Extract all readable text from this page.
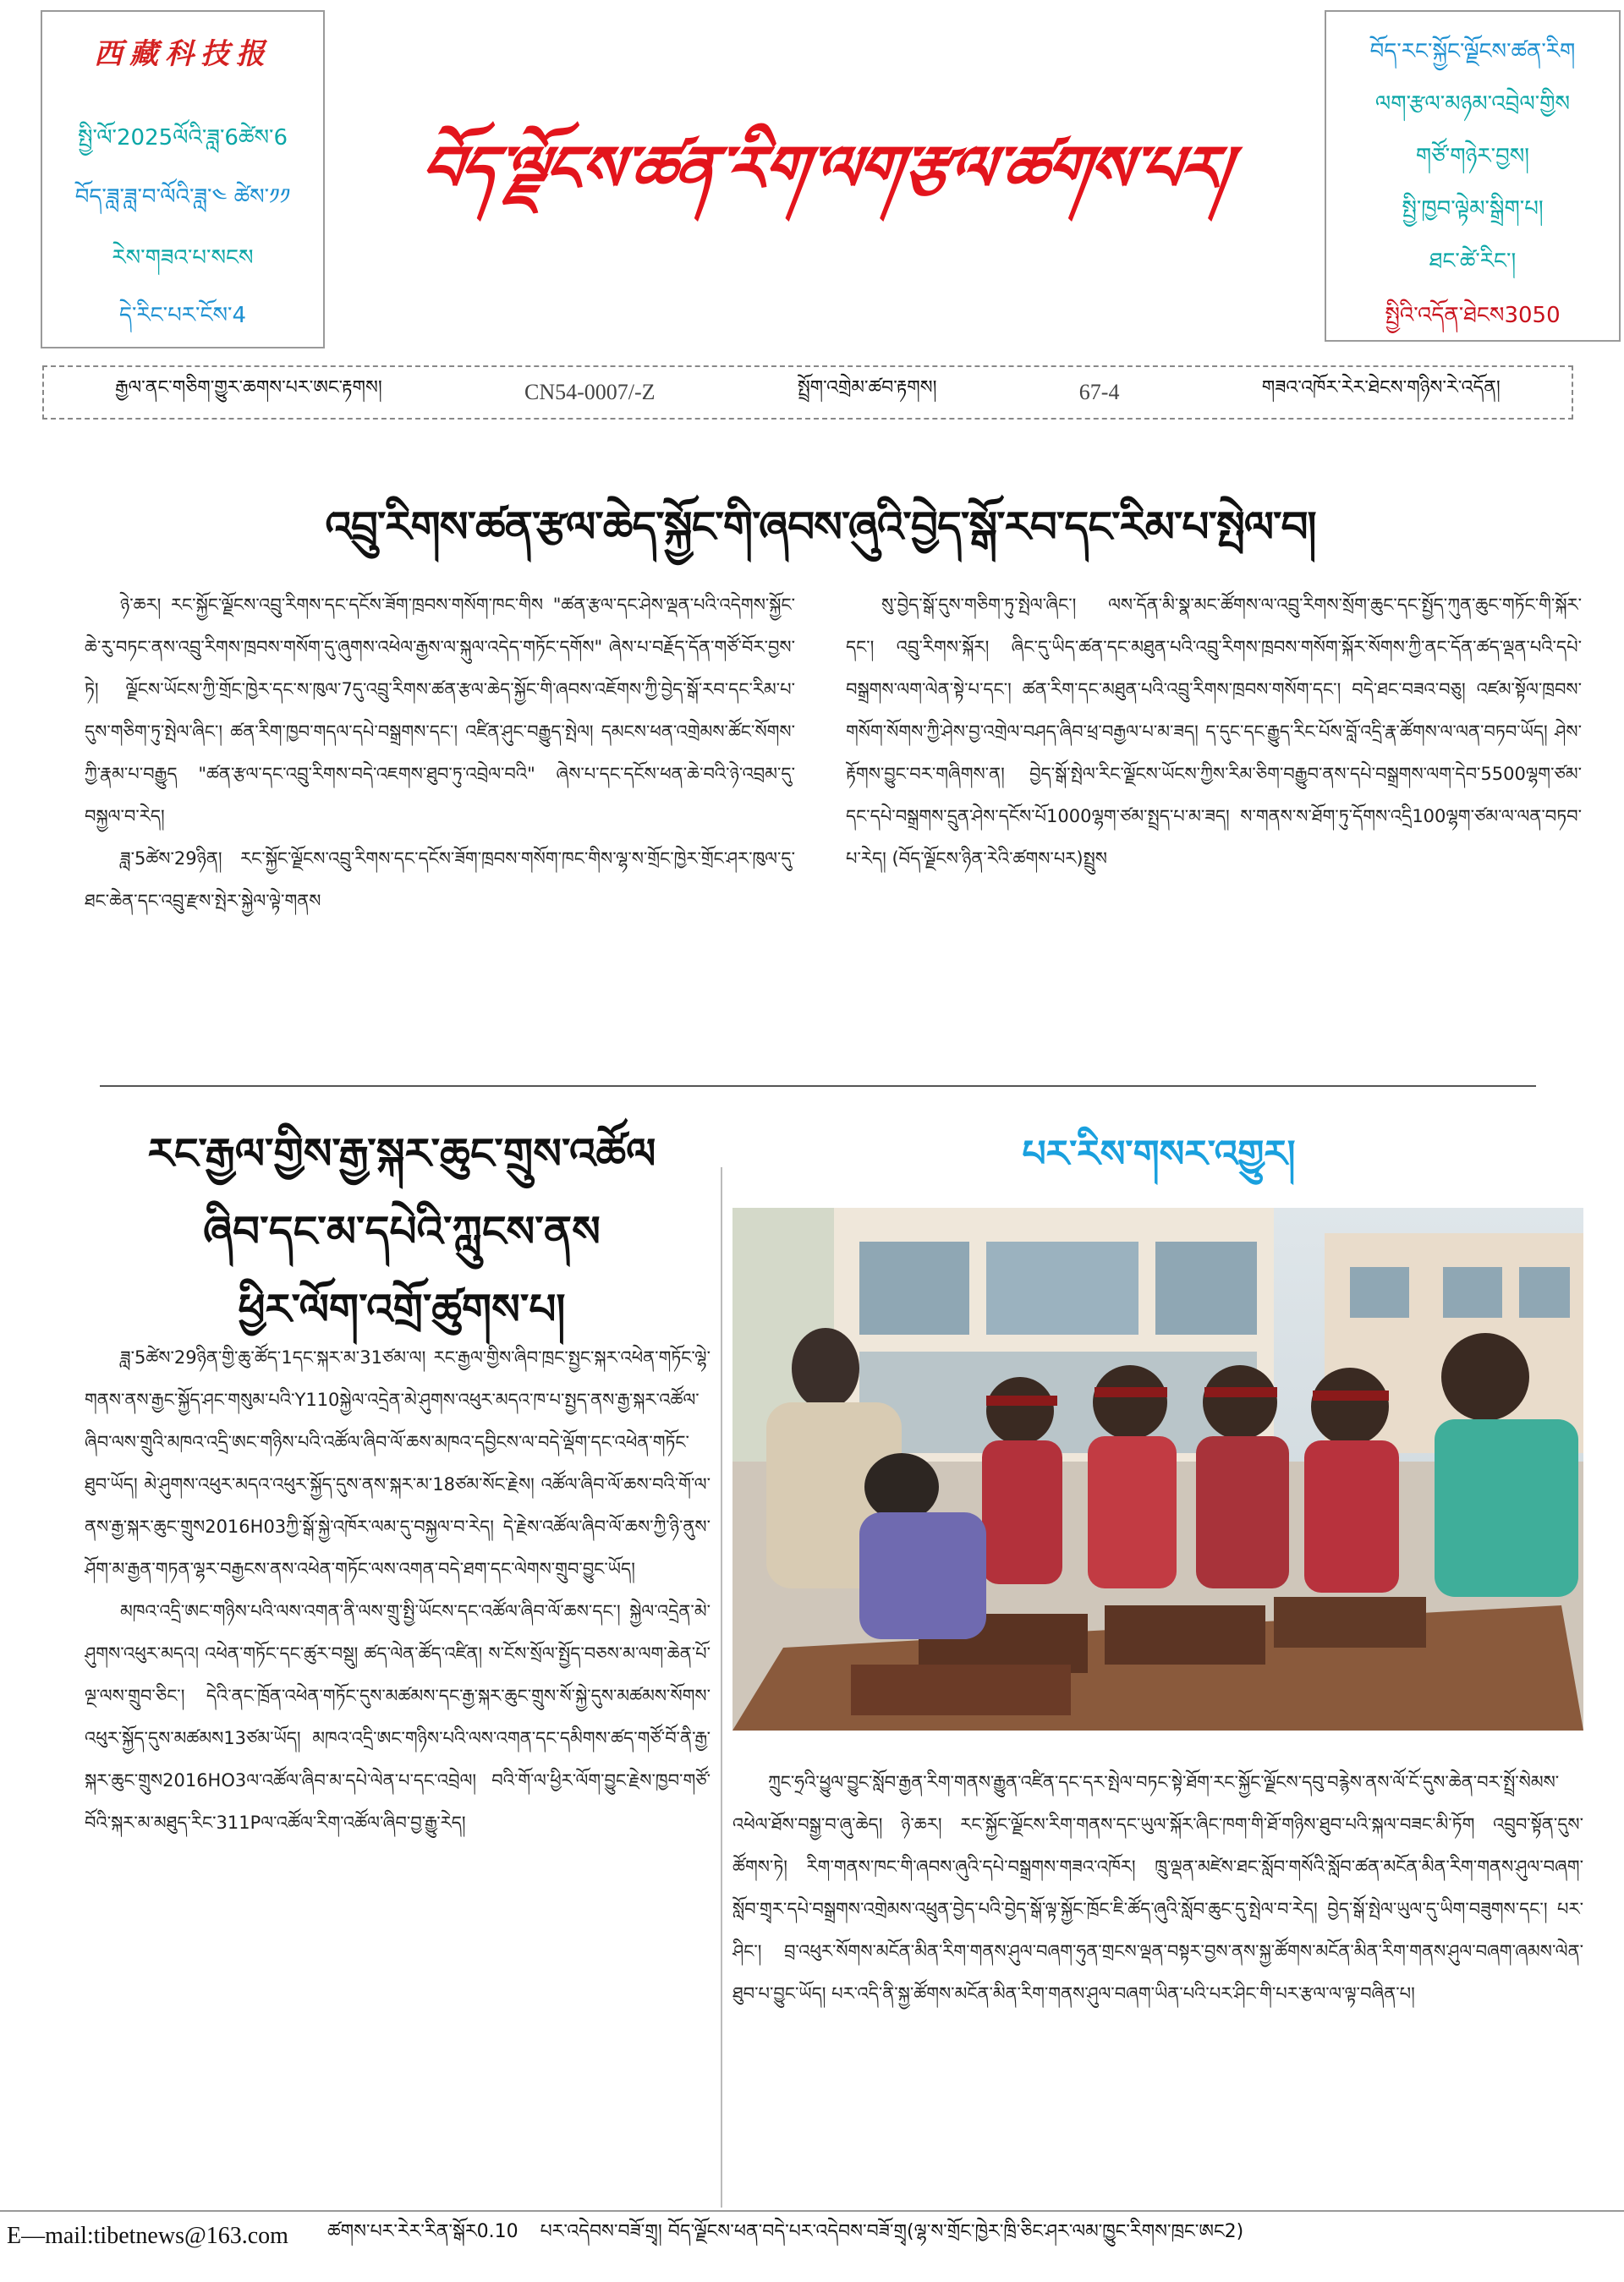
西藏科技报
སྤྱི་ལོ་2025ལོའི་ཟླ་6ཚེས་6
བོད་ཟླ་ཟླ་བ་ལོའི་ཟླ་༤ ཚེས་༡༡
རེས་གཟའ་པ་སངས
དེ་རིང་པར་ངོས་4
བོད་ལྗོངས་ཚན་རིག་ལག་རྩལ་ཚགས་པར།
བོད་རང་སྐྱོང་ལྗོངས་ཚན་རིག
ལག་རྩལ་མཉམ་འབྲེལ་གྱིས
གཙོ་གཉེར་བྱས།
སྤྱི་ཁྱབ་ལྟེམ་སྒྲིག་པ།
ཐང་ཚེ་རིང་།
སྤྱིའི་འདོན་ཐེངས3050
རྒྱལ་ནང་གཅིག་གྱུར་ཆགས་པར་ཨང་རྟགས།	CN54-0007/-Z	སྤྲོག་འགྲེམ་ཚབ་རྟགས།	67-4	གཟའ་འཁོར་རེར་ཐེངས་གཉིས་རེ་འདོན།
འབྲུ་རིགས་ཚན་རྩལ་ཆེད་སྐྱོང་གི་ཞབས་ཞུའི་བྱེད་སྒོ་རབ་དང་རིམ་པ་སྤེལ་བ།

ཉེ་ཆར། རང་སྐྱོང་ལྗོངས་འབྲུ་རིགས་དང་དངོས་ཟོག་ཁྲབས་གསོག་ཁང་གིས "ཚན་རྩལ་དང་ཤེས་ལྡན་པའི་འདེགས་སྐྱོང་ཆེ་རུ་བཏང་ནས་འབྲུ་རིགས་ཁྲབས་གསོག་དུ་ཞུགས་འཕེལ་རྒྱས་ལ་སྐུལ་འདེད་གཏོང་དགོས" ཞེས་པ་བརྗོད་དོན་གཙོ་བོར་བྱས་ཏེ། ལྗོངས་ཡོངས་ཀྱི་གྲོང་ཁྱེར་དང་ས་ཁུལ་7དུ་འབྲུ་རིགས་ཚན་རྩལ་ཆེད་སྐྱོང་གི་ཞབས་འཇོགས་ཀྱི་བྱེད་སྒོ་རབ་དང་རིམ་པ་དུས་གཅིག་ཏུ་སྤེལ་ཞིང་། ཚན་རིག་ཁྱབ་གདལ་དཔེ་བསྒྲགས་དང་། འཛིན་ཤུང་བརྒྱུད་སྤེལ། དམངས་ཕན་འགྲེམས་ཚོང་སོགས་ཀྱི་རྣམ་པ་བརྒྱུད "ཚན་རྩལ་དང་འབྲུ་རིགས་བདེ་འཇགས་ཐུབ་ཏུ་འབྲེལ་བའི" ཞེས་པ་དང་དངོས་ཕན་ཆེ་བའི་ཉེ་འབྲམ་དུ་བསྐྱལ་བ་རེད།

ཟླ་5ཚེས་29ཉིན། རང་སྐྱོང་ལྗོངས་འབྲུ་རིགས་དང་དངོས་ཟོག་ཁྲབས་གསོག་ཁང་གིས་ལྷ་ས་གྲོང་ཁྱེར་གྲོང་ཤར་ཁུལ་དུ་ཐང་ཆེན་དང་འབྲུ་རྫས་སྤེར་སྐྱེལ་ལྟེ་གནས

སུ་བྱེད་སྒོ་དུས་གཅིག་ཏུ་སྤེལ་ཞིང་། ལས་དོན་མི་སྣ་མང་ཚོགས་ལ་འབྲུ་རིགས་སྲོག་ཆུང་དང་སྤྱོད་ཀུན་ཆུང་གཏོང་གི་སྐོར་དང་། འབྲུ་རིགས་སྐོར། ཞིང་དུ་ཡིད་ཚན་དང་མཐུན་པའི་འབྲུ་རིགས་ཁྲབས་གསོག་སྐོར་སོགས་ཀྱི་ནང་དོན་ཚད་ལྡན་པའི་དཔེ་བསྒྲགས་ལག་ལེན་སྟེ་པ་དང་། ཚན་རིག་དང་མཐུན་པའི་འབྲུ་རིགས་ཁྲབས་གསོག་དང་། བདེ་ཐང་བཟའ་བཅུ། འཛམ་སྟོལ་ཁྲབས་གསོག་སོགས་ཀྱི་ཤེས་བྱ་འགྲེལ་བཤད་ཞིབ་ཕྲ་བརྒྱལ་པ་མ་ཟད། ད་དུང་དང་རྒྱུད་རིང་པོས་བློ་འདྲི་རྣ་ཚོགས་ལ་ལན་བཏབ་ཡོད། ཤེས་རྟོགས་བྱུང་བར་གཞིགས་ན། བྱེད་སྒོ་སྤེལ་རིང་ལྗོངས་ཡོངས་ཀྱིས་རིམ་ཅིག་བརྒྱུབ་ནས་དཔེ་བསྒྲགས་ལག་དེབ་5500ལྷག་ཙམ་དང་དཔེ་བསྒྲགས་དྲུན་ཤེས་དངོས་པོ1000ལྷག་ཙམ་སྤྲད་པ་མ་ཟད། ས་གནས་ས་ཐོག་ཏུ་དོགས་འདྲི100ལྷག་ཙམ་ལ་ལན་བཏབ་པ་རེད། (བོད་ལྗོངས་ཉིན་རེའི་ཚགས་པར)སྤྲུས

རང་རྒྱལ་གྱིས་རྒྱ་སྐར་ཆུང་གྲུས་འཚོལ
ཞིབ་དང་མ་དཔེའི་ཀླུངས་ནས
ཕྱིར་ལོག་འགྲོ་ཚུགས་པ།

ཟླ་5ཚེས་29ཉིན་གྱི་ཆུ་ཚོད་1དང་སྐར་མ་31ཙམ་ལ། རང་རྒྱལ་གྱིས་ཞིབ་ཁྲང་སྤྱང་སྐར་འཕེན་གཏོང་ལྷེ་གནས་ནས་རྒྱང་སྐྱོད་ཤང་གསུམ་པའི་Y110སྐྱེལ་འདྲེན་མེ་ཤུགས་འཕུར་མདའ་ཁ་པ་སྤྱད་ནས་རྒྱ་སྐར་འཚོལ་ཞིབ་ལས་གྲུའི་མཁའ་འདྲི་ཨང་གཉིས་པའི་འཚོལ་ཞིབ་ལོ་ཆས་མཁའ་དབྱིངས་ལ་བདེ་ལྡོག་དང་འཕེན་གཏོང་ཐུབ་ཡོད། མེ་ཤུགས་འཕུར་མདའ་འཕུར་སྐྱོད་དུས་ནས་སྐར་མ་18ཙམ་སོང་རྗེས། འཚོལ་ཞིབ་ལོ་ཆས་བའི་གོ་ལ་ནས་རྒྱ་སྐར་ཆུང་གྲུས2016H03ཀྱི་སྒོ་སྐྱེ་འཁོར་ལམ་དུ་བསྐྱལ་བ་རེད། དེ་རྗེས་འཚོལ་ཞིབ་ལོ་ཆས་ཀྱི་ཉི་ནུས་ཤོག་མ་རྒྱན་གཏན་ལྷར་བརྒྱངས་ནས་འཕེན་གཏོང་ལས་འགན་བདེ་ཐག་དང་ལེགས་གྲུབ་བྱུང་ཡོད།

མཁའ་འདྲི་ཨང་གཉིས་པའི་ལས་འགན་ནི་ལས་གྲུ་སྤྱི་ཡོངས་དང་འཚོལ་ཞིབ་ལོ་ཆས་དང་། སྐྱེལ་འདྲེན་མེ་ཤུགས་འཕུར་མདའ། འཕེན་གཏོང་དང་ཚུར་བསྡུ། ཚད་ལེན་ཚོད་འཛིན། ས་ངོས་སྲོལ་སྤྱོད་བཅས་མ་ལག་ཆེན་པོ་ལྔ་ལས་གྲུབ་ཅིང་། དེའི་ནང་ཁྲོན་འཕེན་གཏོང་དུས་མཚམས་དང་རྒྱ་སྐར་ཆུང་གྲུས་སོ་སྐྱེ་དུས་མཚམས་སོགས་འཕུར་སྐྱོད་དུས་མཚམས13ཙམ་ཡོད། མཁའ་འདྲི་ཨང་གཉིས་པའི་ལས་འགན་དང་དམིགས་ཚད་གཙོ་བོ་ནི་རྒྱ་སྐར་ཆུང་གྲུས2016HO3ལ་འཚོལ་ཞིབ་མ་དཔེ་ལེན་པ་དང་འབྲེལ། བའི་གོ་ལ་ཕྱིར་ལོག་བྱུང་རྗེས་ཁྱབ་གཙོ་བོའི་སྐར་མ་མཐུད་རིང་311Pལ་འཚོལ་རིག་འཚོལ་ཞིབ་བྱ་རྒྱུ་རེད།

པར་རིས་གསར་འགྱུར།

ཀྲུང་ཧྲའི་ཕྱུལ་བྱུང་སློབ་རྒྱན་རིག་གནས་རྒྱུན་འཛིན་དང་དར་སྤེལ་བཏང་སྟེ་ཐོག་རང་སྐྱོང་ལྗོངས་དབུ་བརྙེས་ནས་ལོ་ངོ་དུས་ཆེན་བར་སྤྲོ་སེམས་འཕེལ་ཐོས་བསྒྱ་བ་ཞུ་ཆེད། ཉེ་ཆར། རང་སྐྱོང་ལྗོངས་རིག་གནས་དང་ཡུལ་སྐོར་ཞིང་ཁག་གི་ཐོ་གཉིས་ཐུབ་པའི་སྐལ་བཟང་མི་ཏོག འབྲུབ་སྟོན་དུས་ཚོགས་ཏེ། རིག་གནས་ཁང་གི་ཞབས་ཞུའི་དཔེ་བསྒྲགས་གཟའ་འཁོར། ཁྲུ་ལྡན་མཛེས་ཐང་སློབ་གསོའི་སློབ་ཚན་མངོན་མིན་རིག་གནས་ཤུལ་བཞག་སློབ་གྲྭར་དཔེ་བསྒྲགས་འགྲེམས་འཕྲུན་བྱེད་པའི་བྱེད་སྒོ་ལྟ་སྐྱོང་ཁྲོང་ཇི་ཚོད་ཞུའི་སློབ་ཆུང་དུ་སྤེལ་བ་རེད། བྱེད་སྒོ་སྤེལ་ཡུལ་དུ་ཡིག་བཟུགས་དང་། པར་ཤིང་། བྲ་འཕུར་སོགས་མངོན་མིན་རིག་གནས་ཤུལ་བཞག་ཧུན་གྲངས་ལྡན་བསྟར་བྱས་ནས་སྐྱ་ཚོགས་མངོན་མིན་རིག་གནས་ཤུལ་བཞག་ཞམས་ལེན་ཐུབ་པ་བྱུང་ཡོད། པར་འདི་ནི་སྐྱ་ཚོགས་མངོན་མིན་རིག་གནས་ཤུལ་བཞག་ཡིན་པའི་པར་ཤིང་གི་པར་རྩལ་ལ་ལྟ་བཞིན་པ།

E—mail:tibetnews@163.com ཚགས་པར་རེར་རིན་སྒོར0.10 པར་འདེབས་བཟོ་གྲྭ། བོད་ལྗོངས་ཕན་བདེ་པར་འདེབས་བཟོ་གྲྭ(ལྷ་ས་གྲོང་ཁྱེར་ཁྲི་ཅིང་ཤར་ལམ་ཁྱུང་རིགས་ཁྲང་ཨང2)
